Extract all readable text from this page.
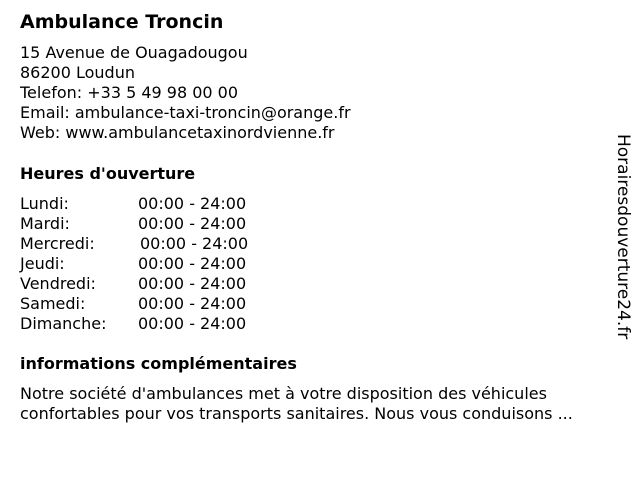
Ambulance Troncin
15 Avenue de Ouagadougou
86200 Loudun
Telefon: +33 5 49 98 00 00
Email: ambulance-taxi-troncin@orange.fr
Web: www.ambulancetaxinordvienne.fr
Heures d'ouverture
Lundi:	00:00 - 24:00
Mardi:	00:00 - 24:00
Mercredi:	00:00 - 24:00
Jeudi:	00:00 - 24:00
Vendredi:	00:00 - 24:00
Samedi:	00:00 - 24:00
Dimanche: 00:00 - 24:00
informations complémentaires
Notre société d'ambulances met à votre disposition des véhicules
confortables pour vos transports sanitaires. Nous vous conduisons ...
Horairesdouverture24.fr
